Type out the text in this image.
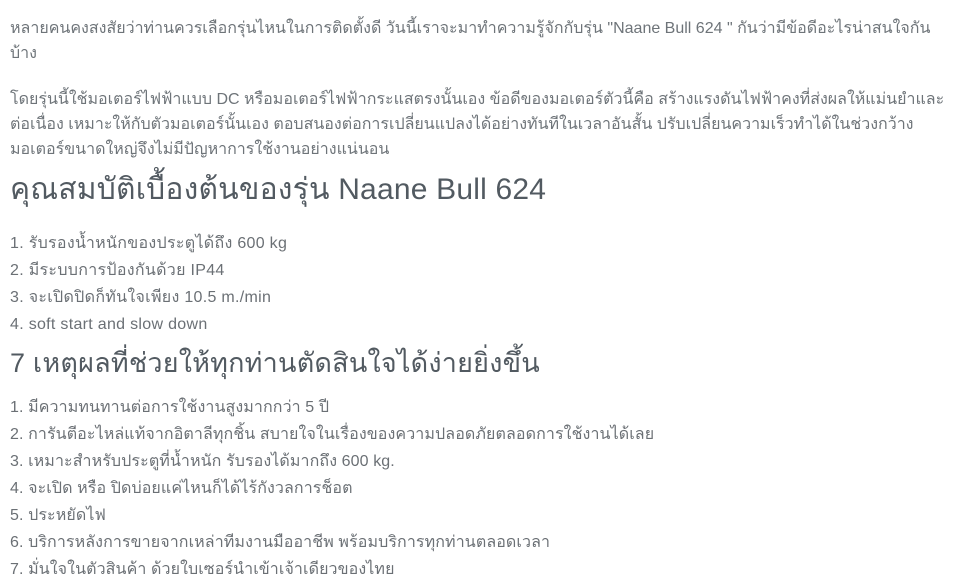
หลายคนคงสงสัยว่าท่านควรเลือกรุ่นไหนในการติดตั้งดี วันนี้เราจะมาทำความรู้จักกับรุ่น "Naane Bull 624 " กันว่ามีข้อดีอะไรน่าสนใจกันบ้าง

โดยรุ่นนี้ใช้มอเตอร์ไฟฟ้าแบบ DC หรือมอเตอร์ไฟฟ้ากระแสตรงนั้นเอง ข้อดีของมอเตอร์ตัวนี้คือ สร้างแรงดันไฟฟ้าคงที่ส่งผลให้แม่นยำและต่อเนื่อง เหมาะให้กับตัวมอเตอร์นั้นเอง ตอบสนองต่อการเปลี่ยนแปลงได้อย่างทันทีในเวลาอันสั้น ปรับเปลี่ยนความเร็วทำได้ในช่วงกว้าง มอเตอร์ขนาดใหญ่จึงไม่มีปัญหาการใช้งานอย่างแน่นอน

คุณสมบัติเบื้องต้นของรุ่น Naane Bull 624
1. รับรองน้ำหนักของประตูได้ถึง 600 kg
2. มีระบบการป้องกันด้วย IP44
3. จะเปิดปิดก็ทันใจเพียง 10.5 m./min
4. soft start and slow down
7 เหตุผลที่ช่วยให้ทุกท่านตัดสินใจได้ง่ายยิ่งขึ้น
1. มีความทนทานต่อการใช้งานสูงมากกว่า 5 ปี
2. การันตีอะไหล่แท้จากอิตาลีทุกชิ้น สบายใจในเรื่องของความปลอดภัยตลอดการใช้งานได้เลย
3. เหมาะสำหรับประตูที่น้ำหนัก รับรองได้มากถึง 600 kg.
4. จะเปิด หรือ ปิดบ่อยแค่ไหนก็ได้ไร้กังวลการช็อต
5. ประหยัดไฟ
6. บริการหลังการขายจากเหล่าทีมงานมืออาชีพ พร้อมบริการทุกท่านตลอดเวลา
7. มั่นใจในตัวสินค้า ด้วยใบเซอร์นำเข้าเจ้าเดียวของไทย
